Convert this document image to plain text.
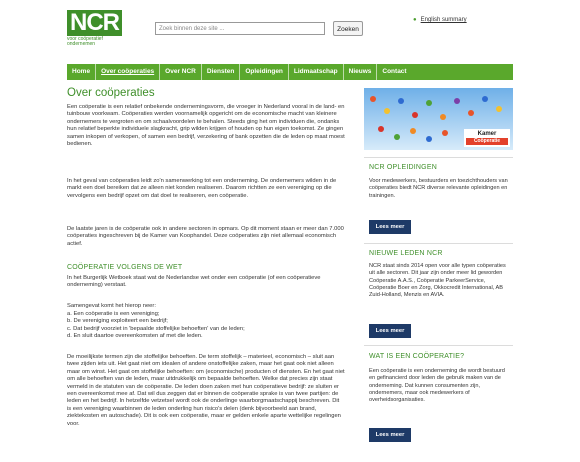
NCR
voor coöperatief
ondernemen
Zoek binnen deze site ...	Zoeken
● English summary
Home	Over coöperaties	Over NCR	Diensten	Opleidingen	Lidmaatschap	Nieuws	Contact
Over coöperaties
Een coöperatie is een relatief onbekende ondernemingsvorm, die vroeger in Nederland vooral in de land- en tuinbouw voorkwam. Coöperaties werden voornamelijk opgericht om de economische macht van kleinere ondernemers te vergroten en om schaalvoordelen te behalen. Steeds ging het om individuen die, ondanks hun relatief beperkte individuele slagkracht, grip wilden krijgen of houden op hun eigen toekomst. Ze gingen samen inkopen of verkopen, of samen een bedrijf, verzekering of bank opzetten die de leden op maat moest bedienen.
In het geval van coöperaties leidt zo'n samenwerking tot een onderneming. De ondernemers wilden in de markt een doel bereiken dat ze alleen niet konden realiseren. Daarom richtten ze een vereniging op die vervolgens een bedrijf opzet om dat doel te realiseren, een coöperatie.
De laatste jaren is de coöperatie ook in andere sectoren in opmars. Op dit moment staan er meer dan 7.000 coöperaties ingeschreven bij de Kamer van Koophandel. Deze coöperaties zijn niet allemaal economisch actief.
COÖPERATIE VOLGENS DE WET
In het Burgerlijk Wetboek staat wat de Nederlandse wet onder een coöperatie (of een coöperatieve onderneming) verstaat.
Samengevat komt het hierop neer:
a. Een coöperatie is een vereniging;
b. De vereniging exploiteert een bedrijf;
c. Dat bedrijf voorziet in 'bepaalde stoffelijke behoeften' van de leden;
d. En sluit daartoe overeenkomsten af met die leden.
De moeilijkste termen zijn die stoffelijke behoeften. De term stoffelijk – materieel, economisch – sluit aan twee zijden iets uit. Het gaat niet om idealen of andere onstoffelijke zaken, maar het gaat ook niet alleen maar om winst. Het gaat om stoffelijke behoeften: om (economische) producten of diensten. En het gaat niet om alle behoeften van de leden, maar uitdrukkelijk om bepaalde behoeften. Welke dat precies zijn staat vermeld in de statuten van de coöperatie. De leden doen zaken met hun coöperatieve bedrijf: ze sluiten er een overeenkomst mee af. Dat wil dus zeggen dat er binnen de coöperatie sprake is van twee partijen: de leden en het bedrijf. In hetzelfde vetzetsel wordt ook de onderlinge waarborgmaatschappij beschreven. Dit is een vereniging waarbinnen de leden onderling hun risico's delen (denk bijvoorbeeld aan brand, ziektekosten en autoschade). Dit is ook een coöperatie, maar er gelden enkele aparte wettelijke regelingen voor.
Kamer
Coöperatie
NCR OPLEIDINGEN
Voor medewerkers, bestuurders en toezichthouders van coöperaties biedt NCR diverse relevante opleidingen en trainingen.
Lees meer
NIEUWE LEDEN NCR
NCR staat sinds 2014 open voor alle typen coöperaties uit alle sectoren. Dit jaar zijn onder meer lid geworden Coöperatie A.A.S., Coöperatie ParkeerService, Coöperatie Boer en Zorg, Okkocredit International, AB Zuid-Holland, Menzis en AVIA.
Lees meer
WAT IS EEN COÖPERATIE?
Een coöperatie is een onderneming die wordt bestuurd en gefinancierd door leden die gebruik maken van de onderneming. Dat kunnen consumenten zijn, ondernemers, maar ook medewerkers of overheidsorganisaties.
Lees meer
